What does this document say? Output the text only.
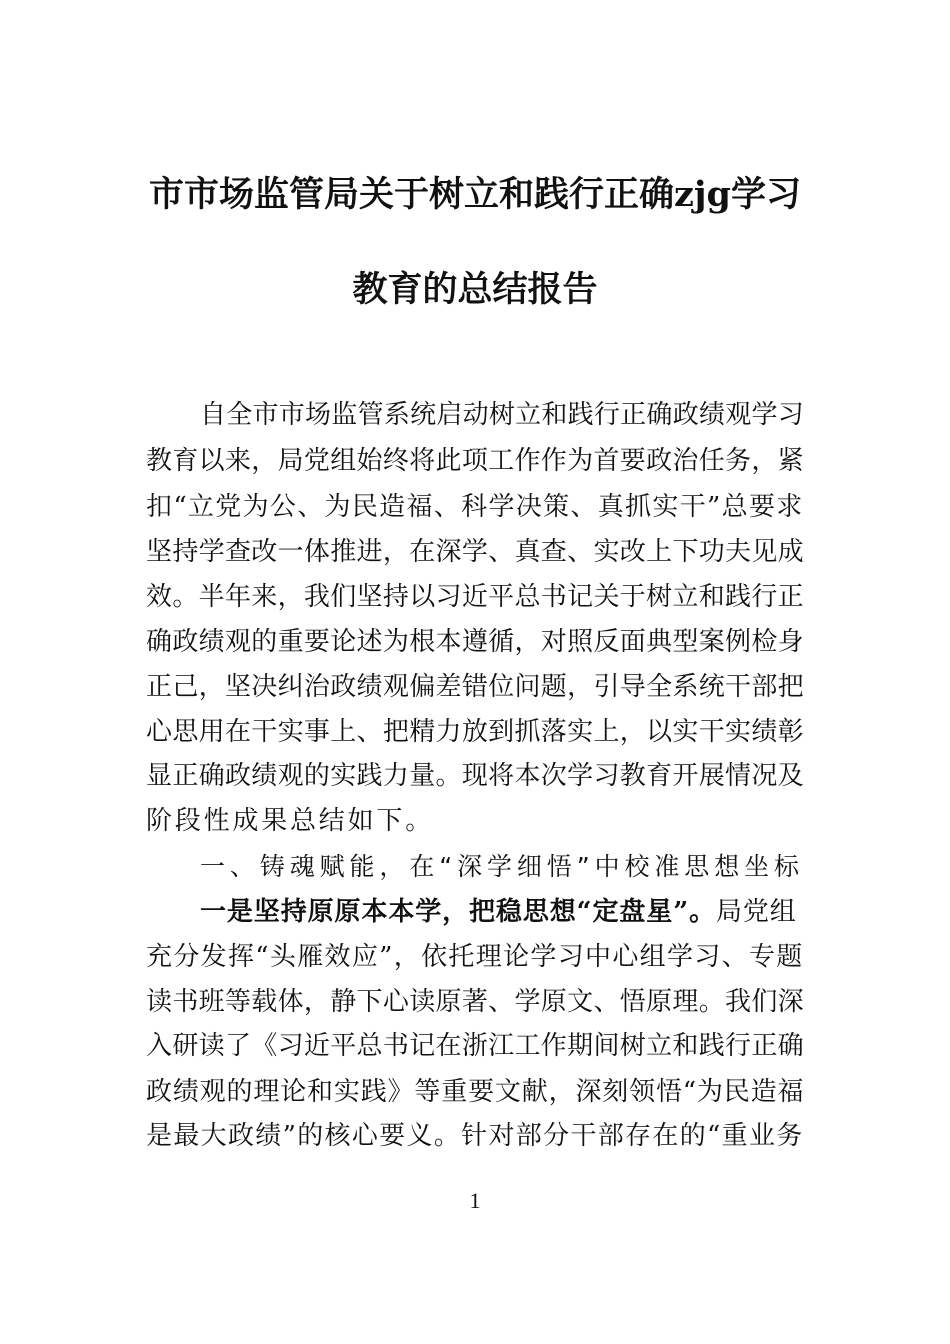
市市场监管局关于树立和践行正确zjg学习
教育的总结报告
自全市市场监管系统启动树立和践行正确政绩观学习
教育以来，局党组始终将此项工作作为首要政治任务，紧
扣“立党为公、为民造福、科学决策、真抓实干”总要求
坚持学查改一体推进，在深学、真查、实改上下功夫见成
效。半年来，我们坚持以习近平总书记关于树立和践行正
确政绩观的重要论述为根本遵循，对照反面典型案例检身
正己，坚决纠治政绩观偏差错位问题，引导全系统干部把
心思用在干实事上、把精力放到抓落实上，以实干实绩彰
显正确政绩观的实践力量。现将本次学习教育开展情况及
阶段性成果总结如下。
一、铸魂赋能，在“深学细悟”中校准思想坐标
一是坚持原原本本学，把稳思想“定盘星”。局党组
充分发挥“头雁效应”，依托理论学习中心组学习、专题
读书班等载体，静下心读原著、学原文、悟原理。我们深
入研读了《习近平总书记在浙江工作期间树立和践行正确
政绩观的理论和实践》等重要文献，深刻领悟“为民造福
是最大政绩”的核心要义。针对部分干部存在的“重业务
1
